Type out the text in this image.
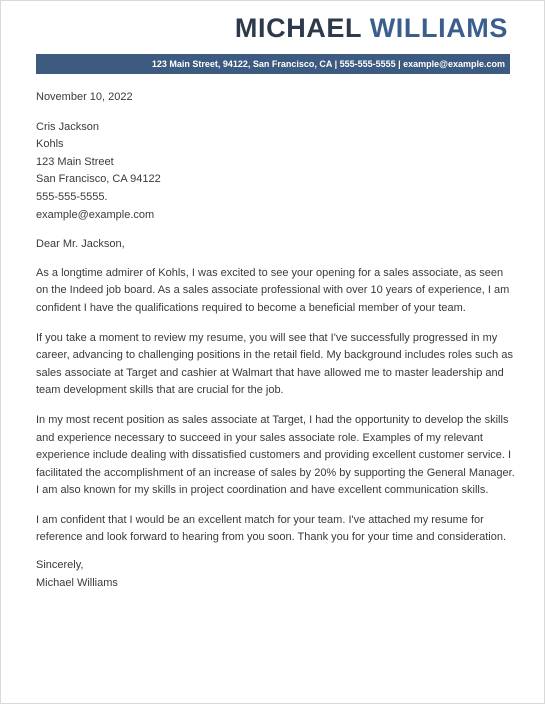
MICHAEL WILLIAMS
123 Main Street, 94122, San Francisco, CA | 555-555-5555 | example@example.com

November 10, 2022

Cris Jackson
Kohls
123 Main Street
San Francisco, CA 94122
555-555-5555.
example@example.com

Dear Mr. Jackson,

As a longtime admirer of Kohls, I was excited to see your opening for a sales associate, as seen on the Indeed job board. As a sales associate professional with over 10 years of experience, I am confident I have the qualifications required to become a beneficial member of your team.

If you take a moment to review my resume, you will see that I've successfully progressed in my career, advancing to challenging positions in the retail field. My background includes roles such as sales associate at Target and cashier at Walmart that have allowed me to master leadership and team development skills that are crucial for the job.

In my most recent position as sales associate at Target, I had the opportunity to develop the skills and experience necessary to succeed in your sales associate role. Examples of my relevant experience include dealing with dissatisfied customers and providing excellent customer service. I facilitated the accomplishment of an increase of sales by 20% by supporting the General Manager. I am also known for my skills in project coordination and have excellent communication skills.

I am confident that I would be an excellent match for your team. I've attached my resume for reference and look forward to hearing from you soon. Thank you for your time and consideration.

Sincerely,
Michael Williams
